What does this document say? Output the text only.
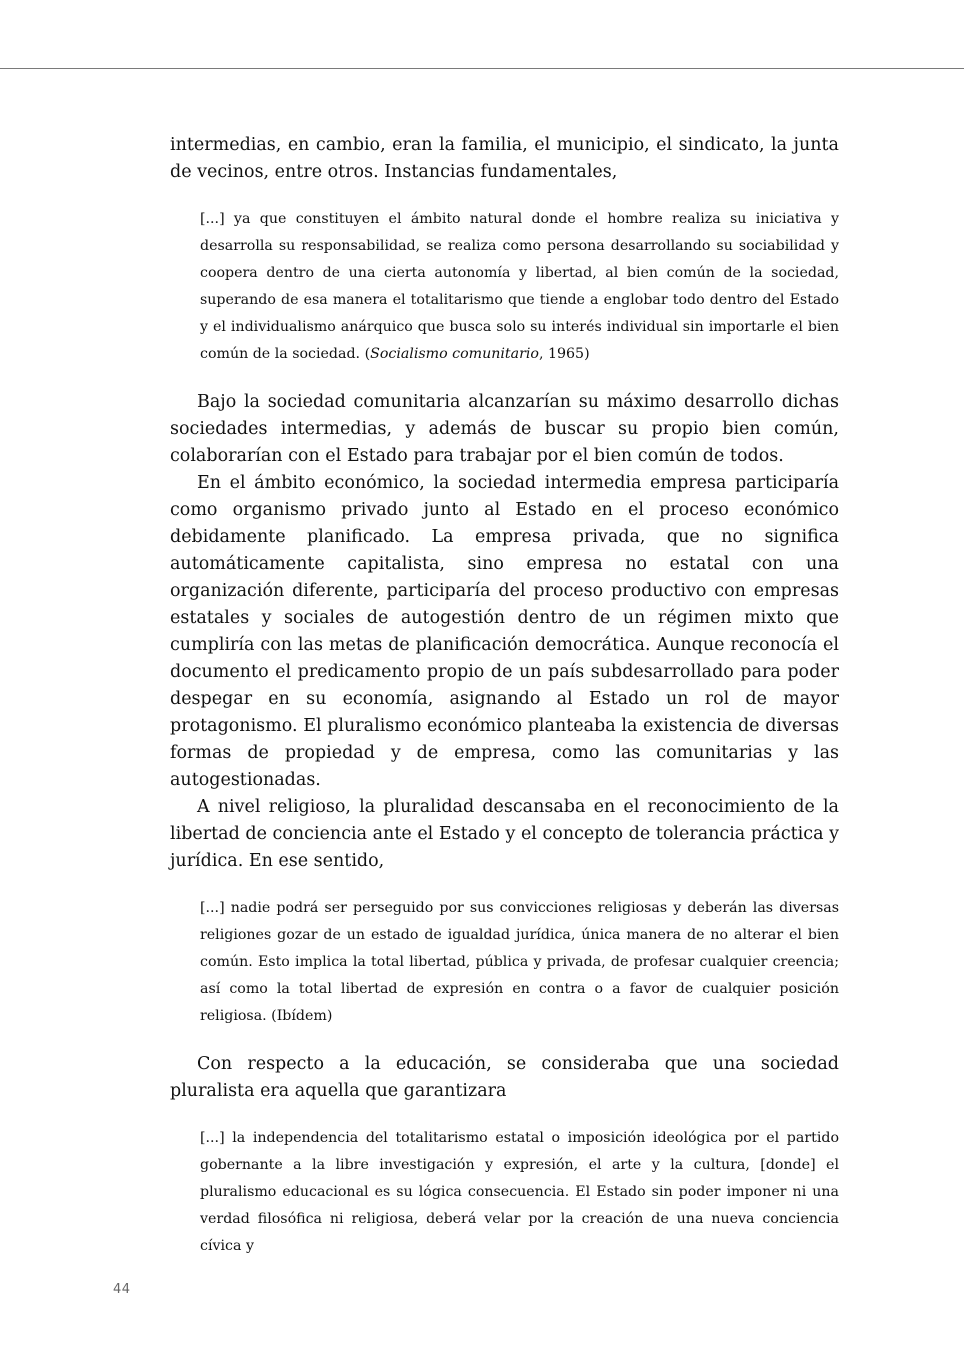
intermedias, en cambio, eran la familia, el municipio, el sindicato, la junta de vecinos, entre otros. Instancias fundamentales,

[...] ya que constituyen el ámbito natural donde el hombre realiza su iniciativa y desarrolla su responsabilidad, se realiza como persona desarrollando su sociabilidad y coopera dentro de una cierta autonomía y libertad, al bien común de la sociedad, superando de esa manera el totalitarismo que tiende a englobar todo dentro del Estado y el individualismo anárquico que busca solo su interés individual sin importarle el bien común de la sociedad. (Socialismo comunitario, 1965)

Bajo la sociedad comunitaria alcanzarían su máximo desarrollo dichas sociedades intermedias, y además de buscar su propio bien común, colaborarían con el Estado para trabajar por el bien común de todos.

En el ámbito económico, la sociedad intermedia empresa participaría como organismo privado junto al Estado en el proceso económico debidamente planificado. La empresa privada, que no significa automáticamente capitalista, sino empresa no estatal con una organización diferente, participaría del proceso productivo con empresas estatales y sociales de autogestión dentro de un régimen mixto que cumpliría con las metas de planificación democrática. Aunque reconocía el documento el predicamento propio de un país subdesarrollado para poder despegar en su economía, asignando al Estado un rol de mayor protagonismo. El pluralismo económico planteaba la existencia de diversas formas de propiedad y de empresa, como las comunitarias y las autogestionadas.

A nivel religioso, la pluralidad descansaba en el reconocimiento de la libertad de conciencia ante el Estado y el concepto de tolerancia práctica y jurídica. En ese sentido,

[...] nadie podrá ser perseguido por sus convicciones religiosas y deberán las diversas religiones gozar de un estado de igualdad jurídica, única manera de no alterar el bien común. Esto implica la total libertad, pública y privada, de profesar cualquier creencia; así como la total libertad de expresión en contra o a favor de cualquier posición religiosa. (Ibídem)

Con respecto a la educación, se consideraba que una sociedad pluralista era aquella que garantizara

[...] la independencia del totalitarismo estatal o imposición ideológica por el partido gobernante a la libre investigación y expresión, el arte y la cultura, [donde] el pluralismo educacional es su lógica consecuencia. El Estado sin poder imponer ni una verdad filosófica ni religiosa, deberá velar por la creación de una nueva conciencia cívica y

44
